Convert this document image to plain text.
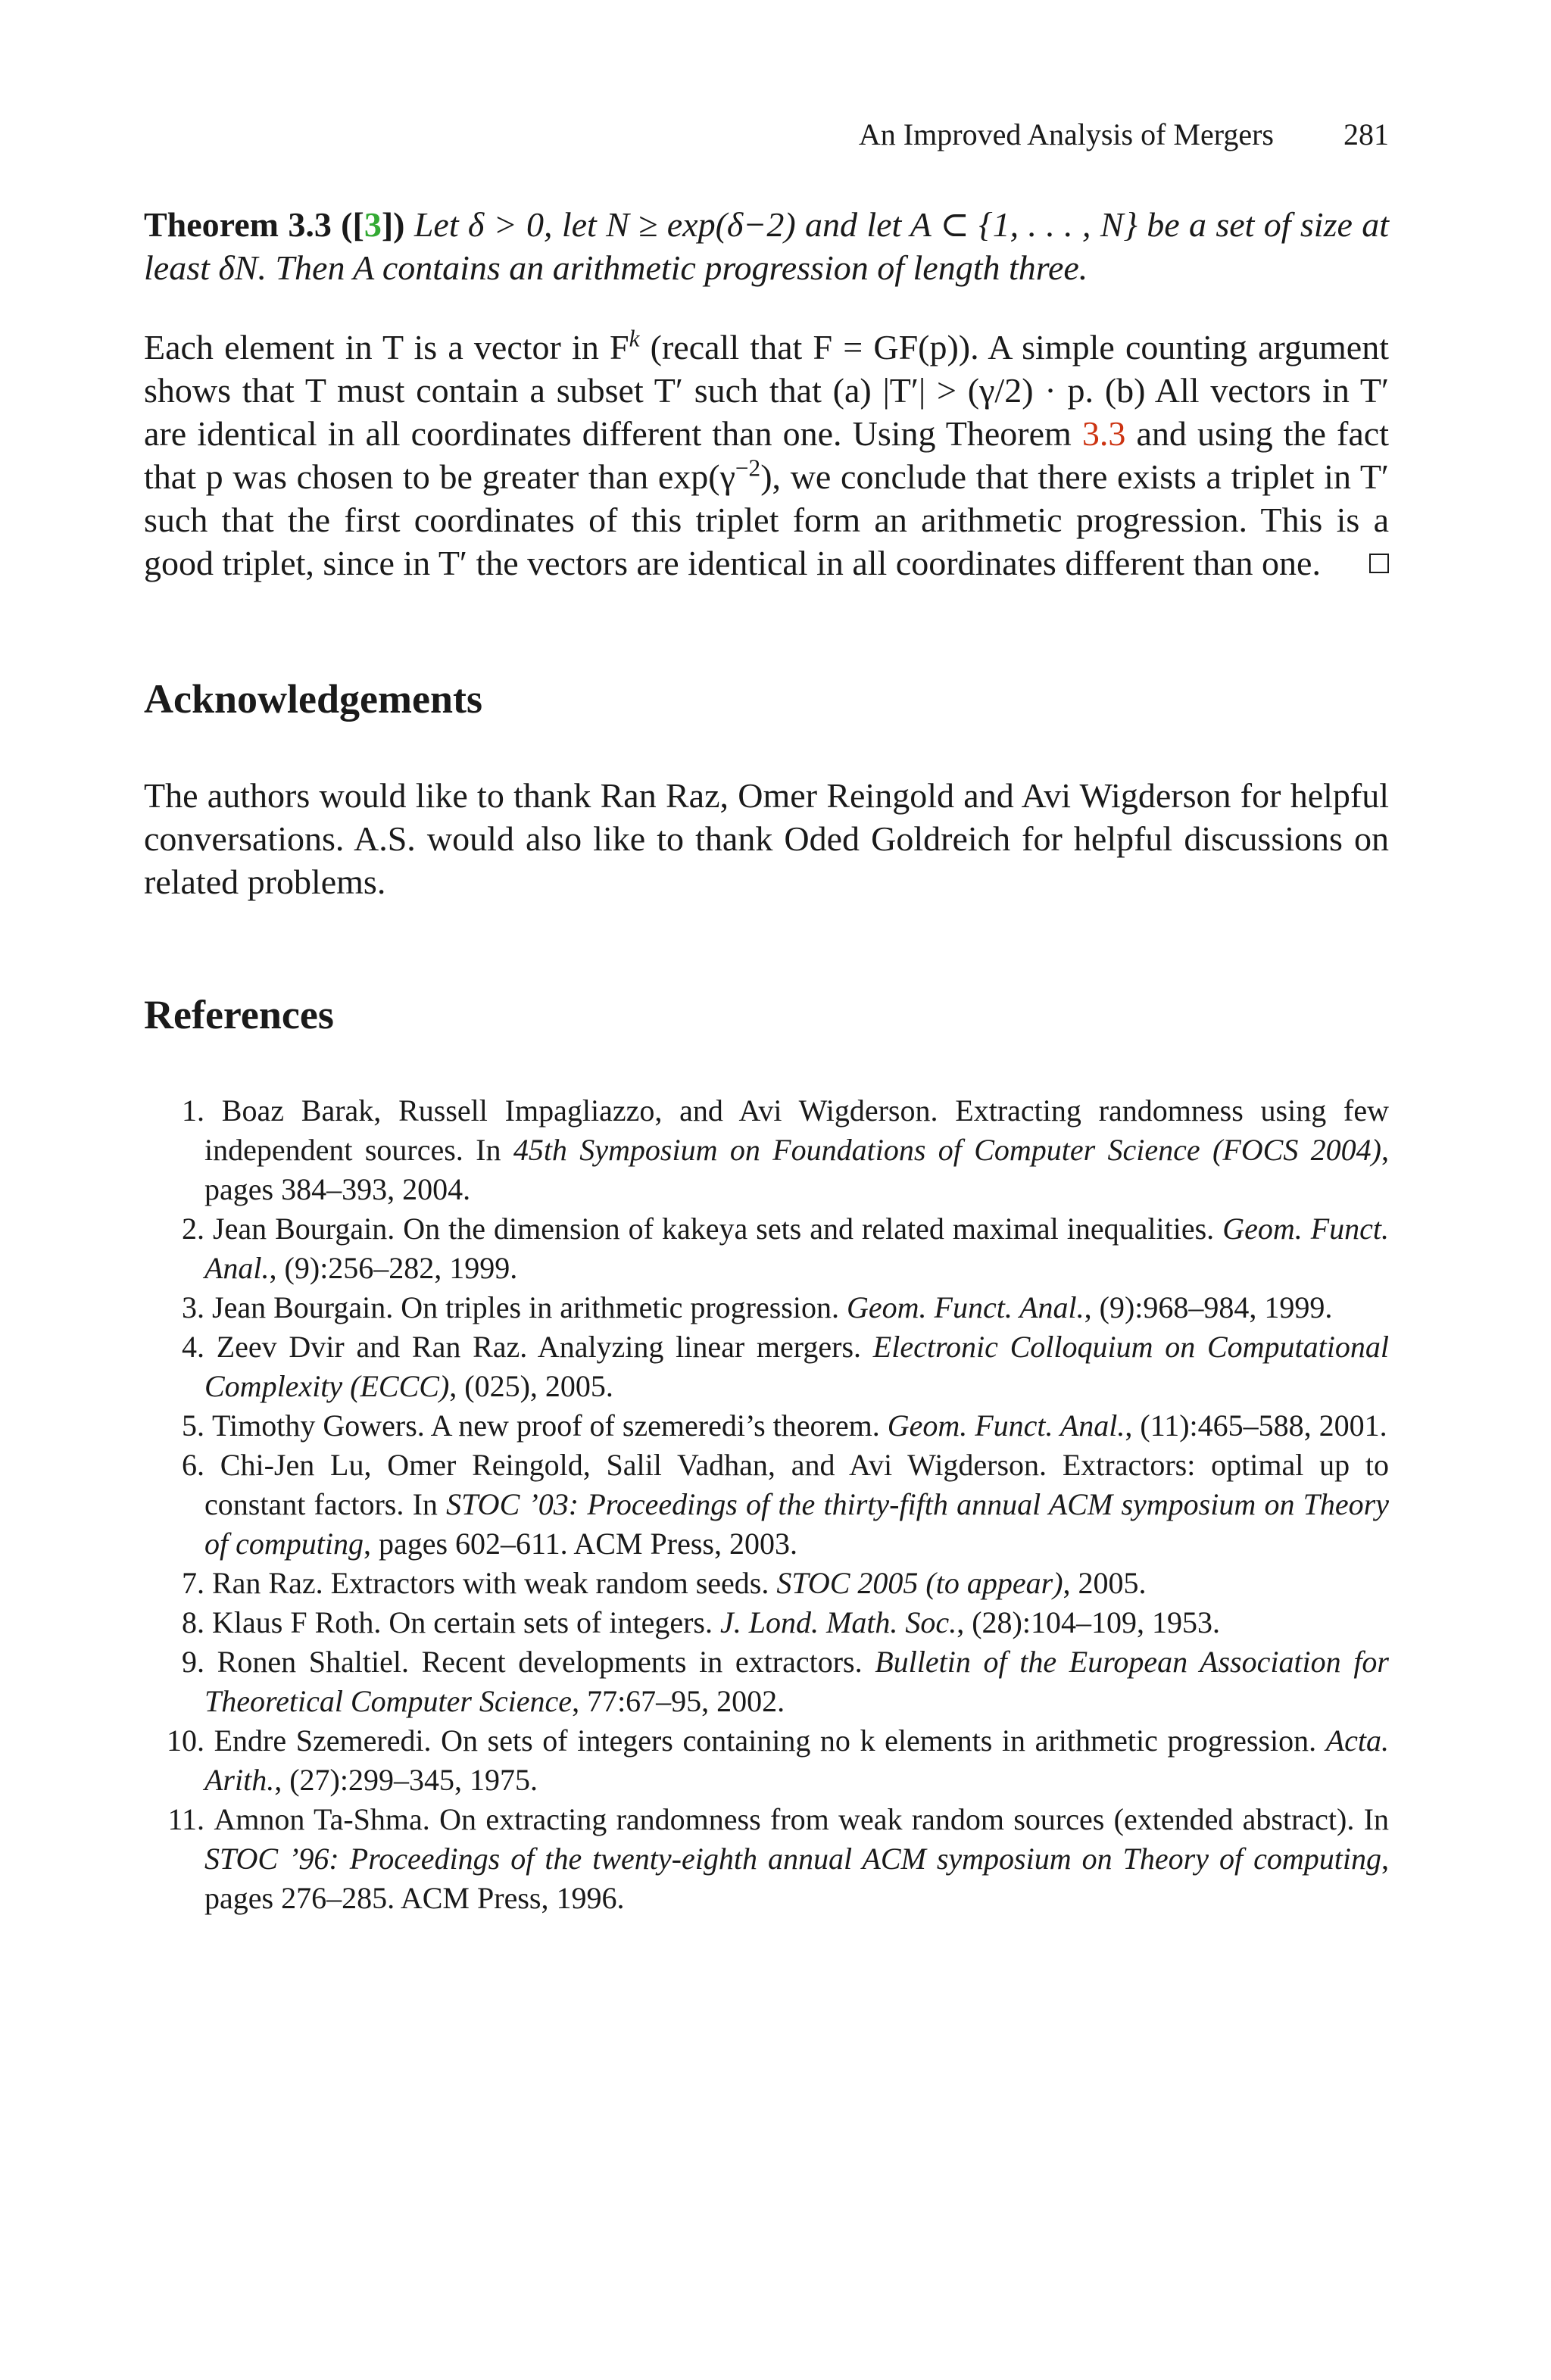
An Improved Analysis of Mergers 281

Theorem 3.3 ([3]) Let δ > 0, let N ≥ exp(δ−2) and let A ⊂ {1, . . . , N} be a set of size at least δN. Then A contains an arithmetic progression of length three.

Each element in T is a vector in $F^k$ (recall that F = GF(p)). A simple counting argument shows that T must contain a subset T′ such that (a) |T′| > (γ/2) · p. (b) All vectors in T′ are identical in all coordinates different than one. Using Theorem 3.3 and using the fact that p was chosen to be greater than $\exp(\gamma^{-2})$, we conclude that there exists a triplet in T′ such that the first coordinates of this triplet form an arithmetic progression. This is a good triplet, since in T′ the vectors are identical in all coordinates different than one.

Acknowledgements

The authors would like to thank Ran Raz, Omer Reingold and Avi Wigderson for helpful conversations. A.S. would also like to thank Oded Goldreich for helpful discussions on related problems.

References
1. Boaz Barak, Russell Impagliazzo, and Avi Wigderson. Extracting randomness using few independent sources. In 45th Symposium on Foundations of Computer Science (FOCS 2004), pages 384–393, 2004.
2. Jean Bourgain. On the dimension of kakeya sets and related maximal inequalities. Geom. Funct. Anal., (9):256–282, 1999.
3. Jean Bourgain. On triples in arithmetic progression. Geom. Funct. Anal., (9):968–984, 1999.
4. Zeev Dvir and Ran Raz. Analyzing linear mergers. Electronic Colloquium on Computational Complexity (ECCC), (025), 2005.
5. Timothy Gowers. A new proof of szemeredi’s theorem. Geom. Funct. Anal., (11):465–588, 2001.
6. Chi-Jen Lu, Omer Reingold, Salil Vadhan, and Avi Wigderson. Extractors: optimal up to constant factors. In STOC ’03: Proceedings of the thirty-fifth annual ACM symposium on Theory of computing, pages 602–611. ACM Press, 2003.
7. Ran Raz. Extractors with weak random seeds. STOC 2005 (to appear), 2005.
8. Klaus F Roth. On certain sets of integers. J. Lond. Math. Soc., (28):104–109, 1953.
9. Ronen Shaltiel. Recent developments in extractors. Bulletin of the European Association for Theoretical Computer Science, 77:67–95, 2002.
10. Endre Szemeredi. On sets of integers containing no k elements in arithmetic progression. Acta. Arith., (27):299–345, 1975.
11. Amnon Ta-Shma. On extracting randomness from weak random sources (extended abstract). In STOC ’96: Proceedings of the twenty-eighth annual ACM symposium on Theory of computing, pages 276–285. ACM Press, 1996.
